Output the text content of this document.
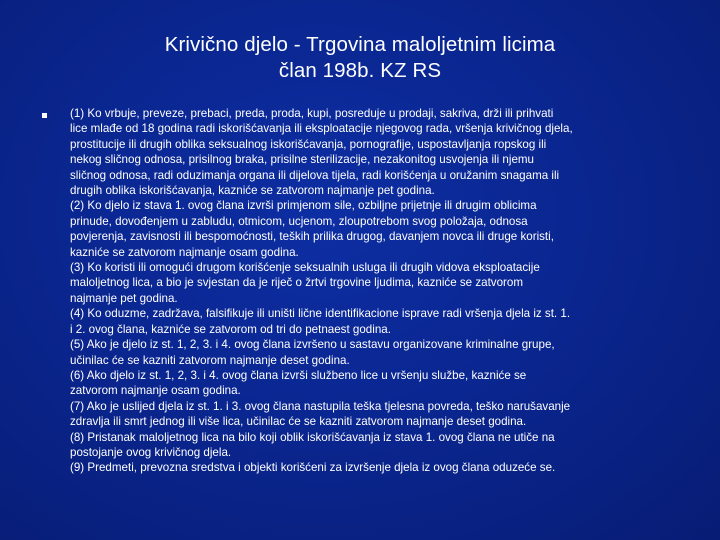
Krivično djelo - Trgovina maloljetnim licima
član 198b. KZ RS
(1) Ko vrbuje, preveze, prebaci, preda, proda, kupi, posreduje u prodaji, sakriva, drži ili prihvati
lice mlađe od 18 godina radi iskorišćavanja ili eksploatacije njegovog rada, vršenja krivičnog djela,
prostitucije ili drugih oblika seksualnog iskorišćavanja, pornografije, uspostavljanja ropskog ili
nekog sličnog odnosa, prisilnog braka, prisilne sterilizacije, nezakonitog usvojenja ili njemu
sličnog odnosa, radi oduzimanja organa ili dijelova tijela, radi korišćenja u oružanim snagama ili
drugih oblika iskorišćavanja, kazniće se zatvorom najmanje pet godina.
(2) Ko djelo iz stava 1. ovog člana izvrši primjenom sile, ozbiljne prijetnje ili drugim oblicima
prinude, dovođenjem u zabludu, otmicom, ucjenom, zloupotrebom svog položaja, odnosa
povjerenja, zavisnosti ili bespomoćnosti, teških prilika drugog, davanjem novca ili druge koristi,
kazniće se zatvorom najmanje osam godina.
(3) Ko koristi ili omogući drugom korišćenje seksualnih usluga ili drugih vidova eksploatacije
maloljetnog lica, a bio je svjestan da je riječ o žrtvi trgovine ljudima, kazniće se zatvorom
najmanje pet godina.
(4) Ko oduzme, zadržava, falsifikuje ili uništi lične identifikacione isprave radi vršenja djela iz st. 1.
i 2. ovog člana, kazniće se zatvorom od tri do petnaest godina.
(5) Ako je djelo iz st. 1, 2, 3. i 4. ovog člana izvršeno u sastavu organizovane kriminalne grupe,
učinilac će se kazniti zatvorom najmanje deset godina.
(6) Ako djelo iz st. 1, 2, 3. i 4. ovog člana izvrši službeno lice u vršenju službe, kazniće se
zatvorom najmanje osam godina.
(7) Ako je uslijed djela iz st. 1. i 3. ovog člana nastupila teška tjelesna povreda, teško narušavanje
zdravlja ili smrt jednog ili više lica, učinilac će se kazniti zatvorom najmanje deset godina.
(8) Pristanak maloljetnog lica na bilo koji oblik iskorišćavanja iz stava 1. ovog člana ne utiče na
postojanje ovog krivičnog djela.
(9) Predmeti, prevozna sredstva i objekti korišćeni za izvršenje djela iz ovog člana oduzeće se.
